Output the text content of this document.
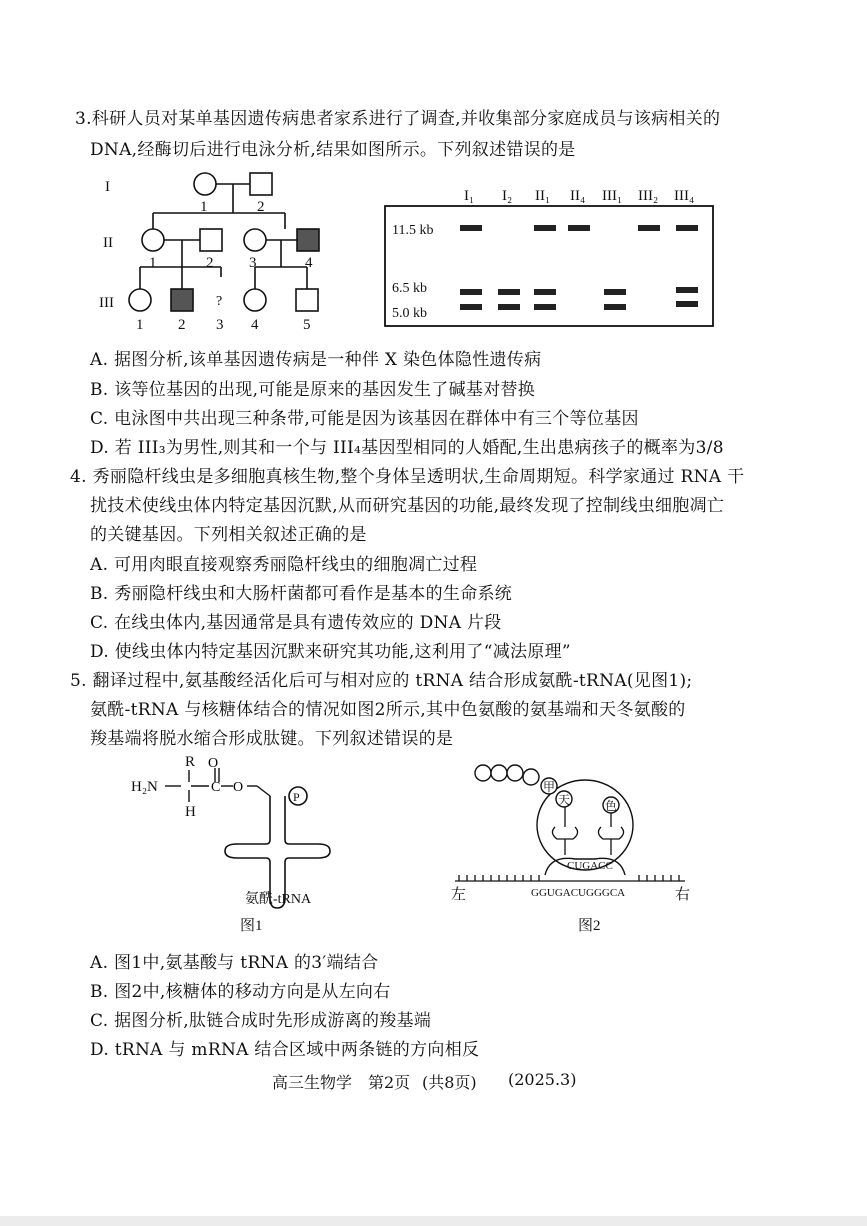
3.科研人员对某单基因遗传病患者家系进行了调查,并收集部分家庭成员与该病相关的
DNA,经酶切后进行电泳分析,结果如图所示。下列叙述错误的是
I
II
III
1	2
1	2 3	4
1 2 3 4	5
?
I₁ I₂ II₁ II₄ III₁ III₂ III₄
11.5 kb
6.5 kb
5.0 kb
A. 据图分析,该单基因遗传病是一种伴 X 染色体隐性遗传病
B. 该等位基因的出现,可能是原来的基因发生了碱基对替换
C. 电泳图中共出现三种条带,可能是因为该基因在群体中有三个等位基因
D. 若 III₃为男性,则其和一个与 III₄基因型相同的人婚配,生出患病孩子的概率为3/8
4. 秀丽隐杆线虫是多细胞真核生物,整个身体呈透明状,生命周期短。科学家通过 RNA 干
扰技术使线虫体内特定基因沉默,从而研究基因的功能,最终发现了控制线虫细胞凋亡
的关键基因。下列相关叙述正确的是
A. 可用肉眼直接观察秀丽隐杆线虫的细胞凋亡过程
B. 秀丽隐杆线虫和大肠杆菌都可看作是基本的生命系统
C. 在线虫体内,基因通常是具有遗传效应的 DNA 片段
D. 使线虫体内特定基因沉默来研究其功能,这利用了“减法原理”
5. 翻译过程中,氨基酸经活化后可与相对应的 tRNA 结合形成氨酰-tRNA(见图1);
氨酰-tRNA 与核糖体结合的情况如图2所示,其中色氨酸的氨基端和天冬氨酸的
羧基端将脱水缩合形成肽键。下列叙述错误的是
R
H₂N
H
C
O
O
P
氨酰-tRNA
图1
甲
天	色
CUGACC
GGUGACUGGGCA
左	右
图2
A. 图1中,氨基酸与 tRNA 的3′端结合
B. 图2中,核糖体的移动方向是从左向右
C. 据图分析,肽链合成时先形成游离的羧基端
D. tRNA 与 mRNA 结合区域中两条链的方向相反
高三生物学 第2页 (共8页) (2025.3)
